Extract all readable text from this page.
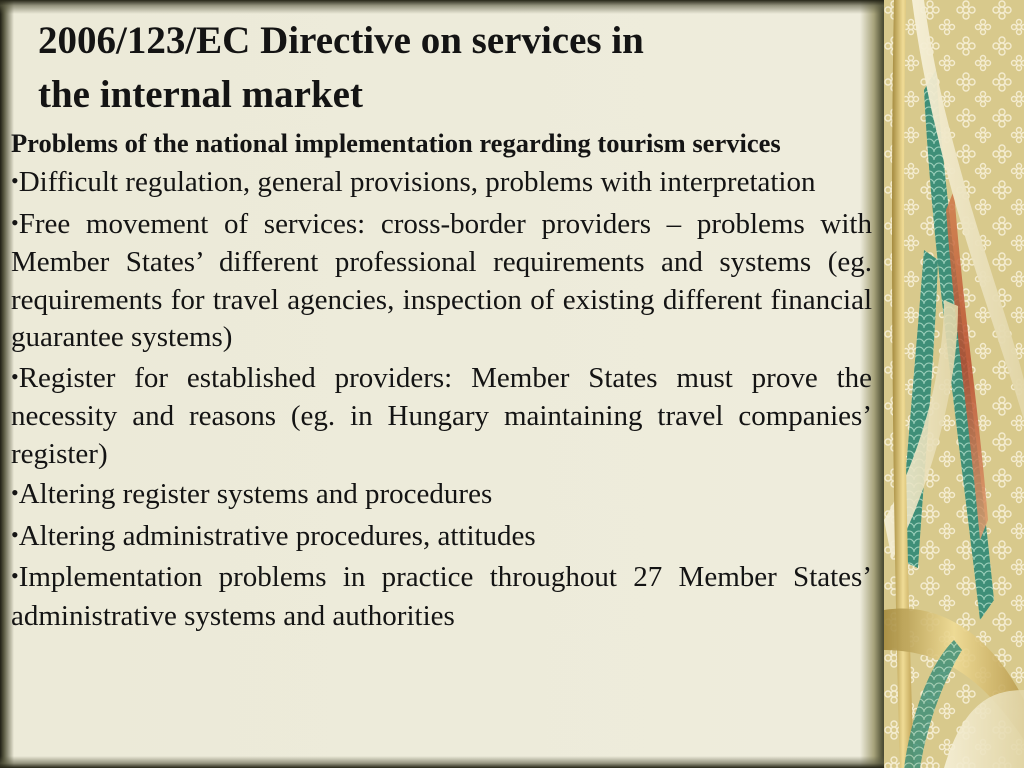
2006/123/EC Directive on services in
the internal market

Problems of the national implementation regarding tourism services

•Difficult regulation, general provisions, problems with interpretation
•Free movement of services: cross-border providers – problems with Member States’ different professional requirements and systems (eg. requirements for travel agencies, inspection of existing different financial guarantee systems)
•Register for established providers: Member States must prove the necessity and reasons (eg. in Hungary maintaining travel companies’ register)
•Altering register systems and procedures
•Altering administrative procedures, attitudes
•Implementation problems in practice throughout 27 Member States’ administrative systems and authorities
